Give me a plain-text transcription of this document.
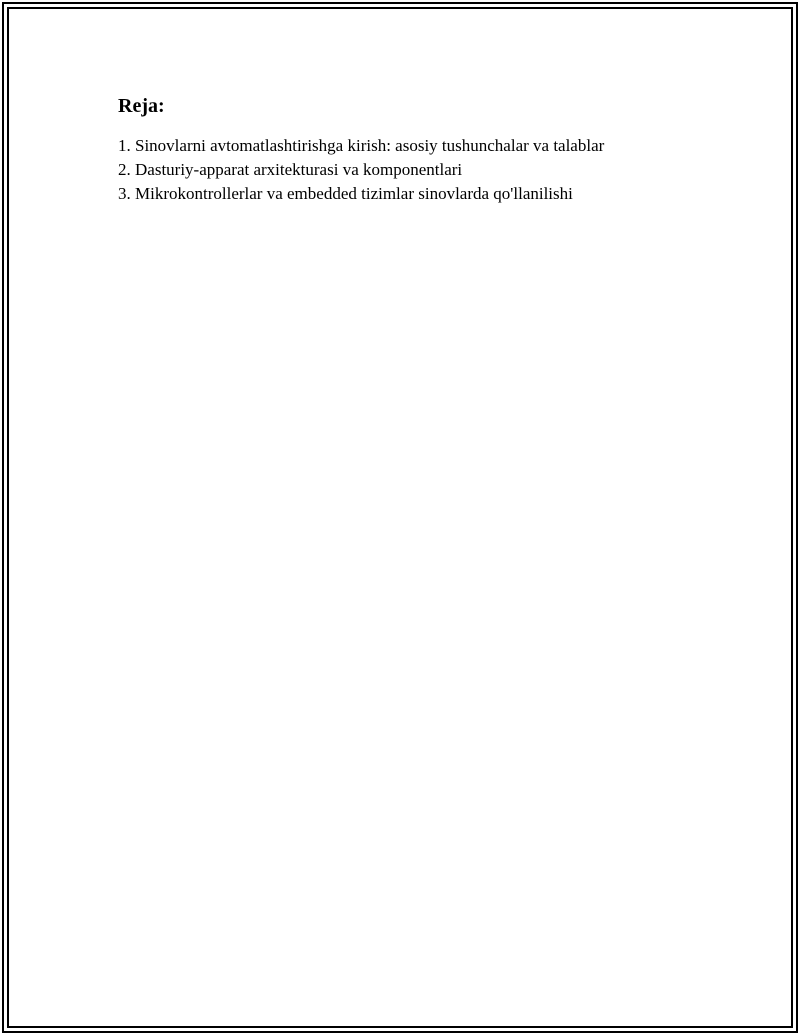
Reja:
1. Sinovlarni avtomatlashtirishga kirish: asosiy tushunchalar va talablar
2. Dasturiy-apparat arxitekturasi va komponentlari
3. Mikrokontrollerlar va embedded tizimlar sinovlarda qo'llanilishi
